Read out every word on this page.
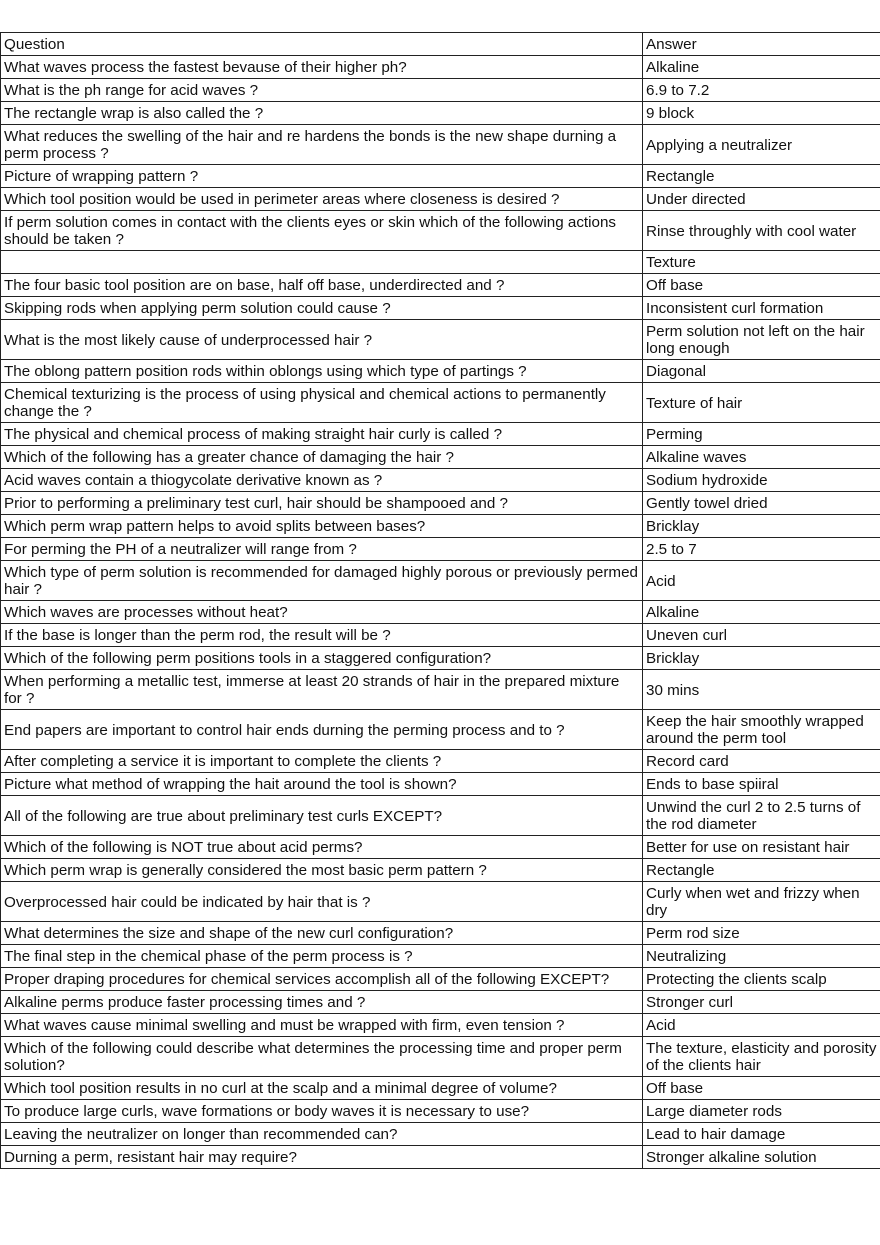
Question	Answer
What waves process the fastest bevause of their higher ph?	Alkaline
What is the ph range for acid waves ?	6.9 to 7.2
The rectangle wrap is also called the ?	9 block
What reduces the swelling of the hair and re hardens the bonds is the new shape durning a perm process ?	Applying a neutralizer
Picture of wrapping pattern ?	Rectangle
Which tool position would be used in perimeter areas where closeness is desired ?	Under directed
If perm solution comes in contact with the clients eyes or skin which of the following actions should be taken ?	Rinse throughly with cool water
	Texture
The four basic tool position are on base, half off base, underdirected and ?	Off base
Skipping rods when applying perm solution could cause ?	Inconsistent curl formation
What is the most likely cause of underprocessed hair ?	Perm solution not left on the hair long enough
The oblong pattern position rods within oblongs using which type of partings ?	Diagonal
Chemical texturizing is the process of using physical and chemical actions to permanently change the ?	Texture of hair
The physical and chemical process of making straight hair curly is called ?	Perming
Which of the following has a greater chance of damaging the hair ?	Alkaline waves
Acid waves contain a thiogycolate derivative known as ?	Sodium hydroxide
Prior to performing a preliminary test curl, hair should be shampooed and ?	Gently towel dried
Which perm wrap pattern helps to avoid splits between bases?	Bricklay
For perming the PH of a neutralizer will range from ?	2.5 to 7
Which type of perm solution is recommended for damaged highly porous or previously permed hair ?	Acid
Which waves are processes without heat?	Alkaline
If the base is longer than the perm rod, the result will be ?	Uneven curl
Which of the following perm positions tools in a staggered configuration?	Bricklay
When performing a metallic test, immerse at least 20 strands of hair in the prepared mixture for ?	30 mins
End papers are important to control hair ends durning the perming process and to ?	Keep the hair smoothly wrapped around the perm tool
After completing a service it is important to complete the clients ?	Record card
Picture what method of wrapping the hait around the tool is shown?	Ends to base spiiral
All of the following are true about preliminary test curls EXCEPT?	Unwind the curl 2 to 2.5 turns of the rod diameter
Which of the following is NOT true about acid perms?	Better for use on resistant hair
Which perm wrap is generally considered the most basic perm pattern ?	Rectangle
Overprocessed hair could be indicated by hair that is ?	Curly when wet and frizzy when dry
What determines the size and shape of the new curl configuration?	Perm rod size
The final step in the chemical phase of the perm process is ?	Neutralizing
Proper draping procedures for chemical services accomplish all of the following EXCEPT?	Protecting the clients scalp
Alkaline perms produce faster processing times and ?	Stronger curl
What waves cause minimal swelling and must be wrapped with firm, even tension ?	Acid
Which of the following could describe what determines the processing time and proper perm solution?	The texture, elasticity and porosity of the clients hair
Which tool position results in no curl at the scalp and a minimal degree of volume?	Off base
To produce large curls, wave formations or body waves it is necessary to use?	Large diameter rods
Leaving the neutralizer on longer than recommended can?	Lead to hair damage
Durning a perm, resistant hair may require?	Stronger alkaline solution
